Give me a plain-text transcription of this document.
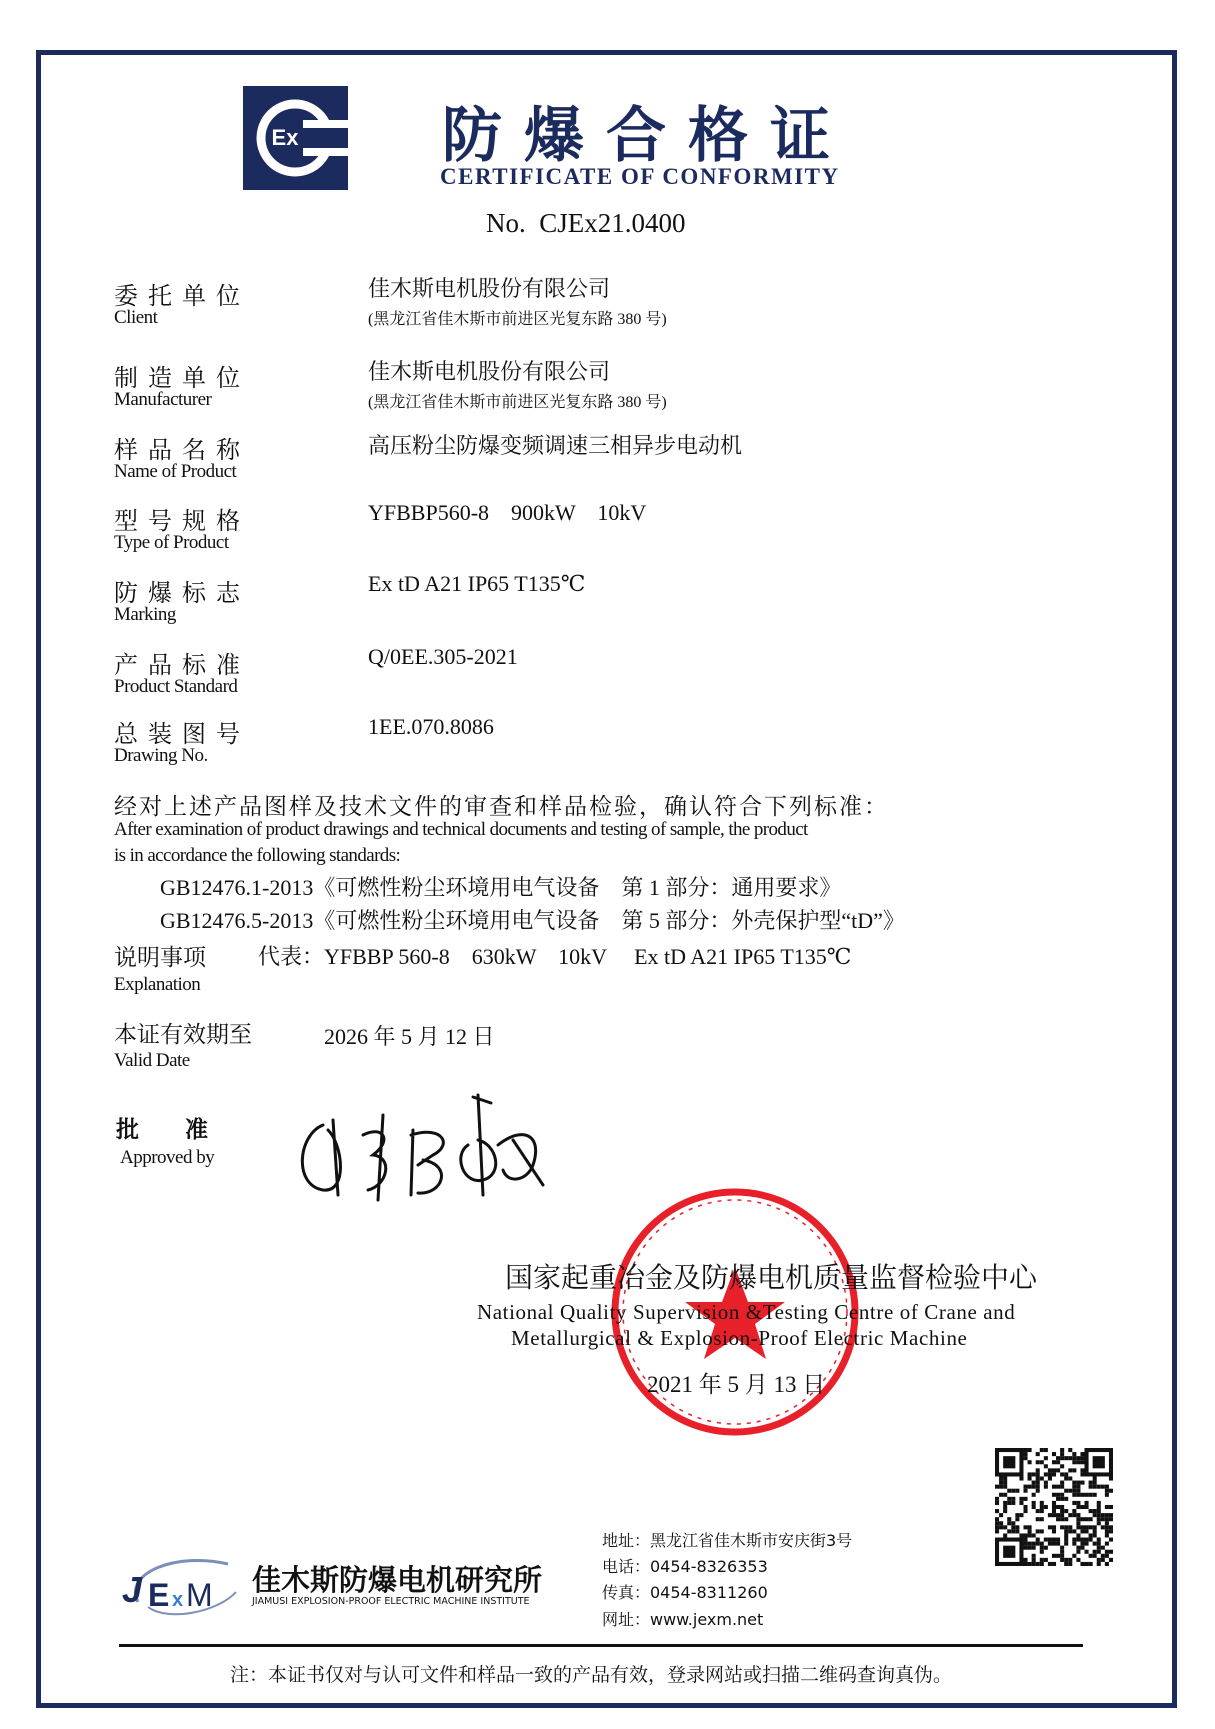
Ex 防爆合格证
CERTIFICATE OF CONFORMITY
No. CJEx21.0400
委托单位
Client
佳木斯电机股份有限公司
(黑龙江省佳木斯市前进区光复东路 380 号)
制造单位
Manufacturer
佳木斯电机股份有限公司
(黑龙江省佳木斯市前进区光复东路 380 号)
样品名称
Name of Product
高压粉尘防爆变频调速三相异步电动机
型号规格
Type of Product
YFBBP560-8    900kW    10kV
防爆标志
Marking
Ex tD A21 IP65 T135℃
产品标准
Product Standard
Q/0EE.305-2021
总装图号
Drawing No.
1EE.070.8086
经对上述产品图样及技术文件的审查和样品检验，确认符合下列标准：
After examination of product drawings and technical documents and testing of sample, the product
is in accordance the following standards:
GB12476.1-2013《可燃性粉尘环境用电气设备　第 1 部分：通用要求》
GB12476.5-2013《可燃性粉尘环境用电气设备　第 5 部分：外壳保护型“tD”》
说明事项
Explanation
代表：YFBBP 560-8    630kW    10kV     Ex tD A21 IP65 T135℃
本证有效期至
Valid Date
2026 年 5 月 12 日
批　　准
Approved by
国家起重冶金及防爆电机质量监督检验中心
National Quality Supervision &Testing Centre of Crane and
Metallurgical & Explosion-Proof Electric Machine
2021 年 5 月 13 日
J E x M 佳木斯防爆电机研究所
JIAMUSI EXPLOSION-PROOF ELECTRIC MACHINE INSTITUTE
地址：黑龙江省佳木斯市安庆街3号
电话：0454-8326353
传真：0454-8311260
网址：www.jexm.net
注：本证书仅对与认可文件和样品一致的产品有效，登录网站或扫描二维码查询真伪。
